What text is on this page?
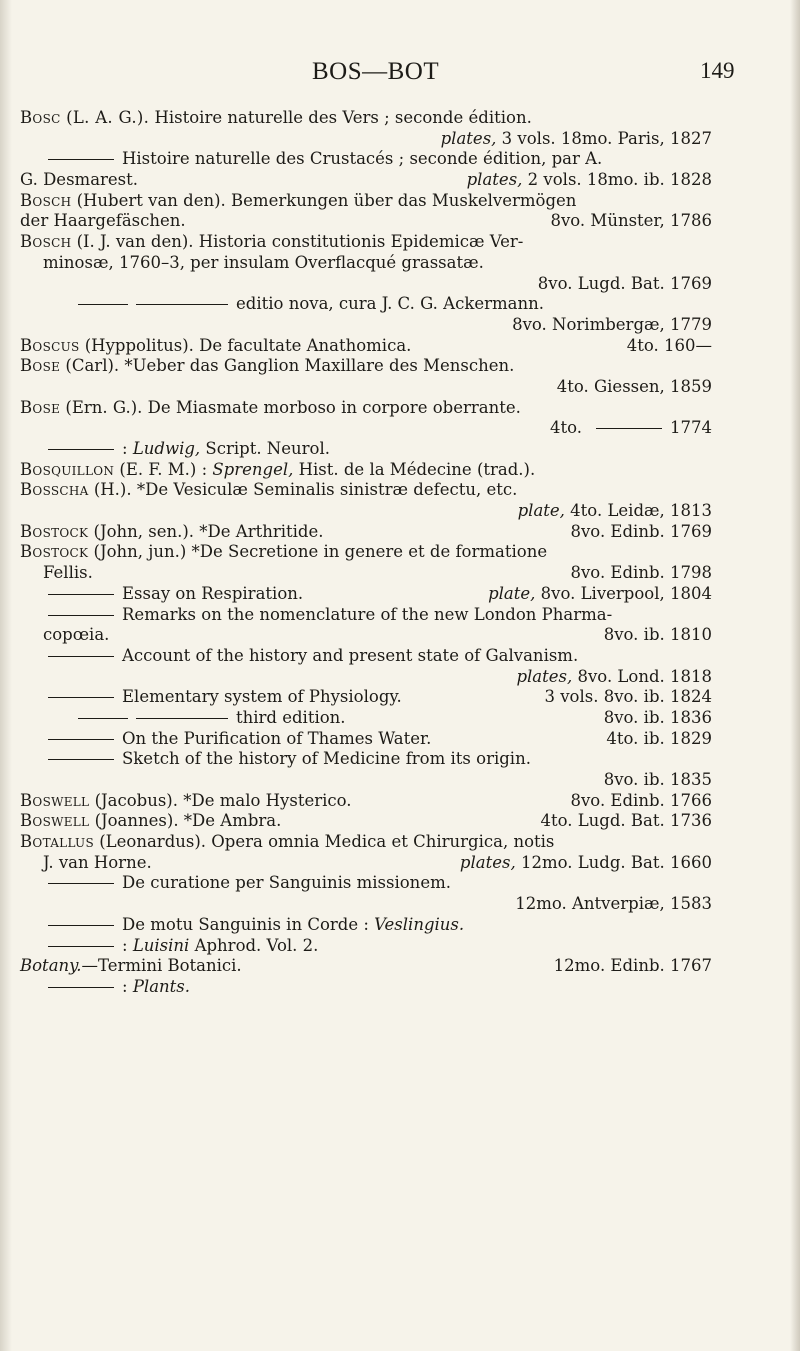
BOS—BOT	149
Bosc (L. A. G.). Histoire naturelle des Vers ; seconde édition.
plates, 3 vols. 18mo. Paris, 1827
Histoire naturelle des Crustacés ; seconde édition, par A.
G. Desmarest.	plates, 2 vols. 18mo. ib. 1828
Bosch (Hubert van den). Bemerkungen über das Muskelvermögen
der Haargefäschen.	8vo. Münster, 1786
Bosch (I. J. van den). Historia constitutionis Epidemicæ Ver-
minosæ, 1760–3, per insulam Overflacqué grassatæ.
8vo. Lugd. Bat. 1769
editio nova, cura J. C. G. Ackermann.
8vo. Norimbergæ, 1779
Boscus (Hyppolitus). De facultate Anathomica.	4to. 160—
Bose (Carl). *Ueber das Ganglion Maxillare des Menschen.
4to. Giessen, 1859
Bose (Ern. G.). De Miasmate morboso in corpore oberrante.
4to.	1774
: Ludwig, Script. Neurol.
Bosquillon (E. F. M.) : Sprengel, Hist. de la Médecine (trad.).
Bosscha (H.). *De Vesiculæ Seminalis sinistræ defectu, etc.
plate, 4to. Leidæ, 1813
Bostock (John, sen.). *De Arthritide.	8vo. Edinb. 1769
Bostock (John, jun.) *De Secretione in genere et de formatione
Fellis.	8vo. Edinb. 1798
Essay on Respiration.	plate, 8vo. Liverpool, 1804
Remarks on the nomenclature of the new London Pharma-
copœia.	8vo. ib. 1810
Account of the history and present state of Galvanism.
plates, 8vo. Lond. 1818
Elementary system of Physiology.	3 vols. 8vo. ib. 1824
third edition.	8vo. ib. 1836
On the Purification of Thames Water.	4to. ib. 1829
Sketch of the history of Medicine from its origin.
8vo. ib. 1835
Boswell (Jacobus). *De malo Hysterico.	8vo. Edinb. 1766
Boswell (Joannes). *De Ambra.	4to. Lugd. Bat. 1736
Botallus (Leonardus). Opera omnia Medica et Chirurgica, notis
J. van Horne.	plates, 12mo. Ludg. Bat. 1660
De curatione per Sanguinis missionem.
12mo. Antverpiæ, 1583
De motu Sanguinis in Corde : Veslingius.
: Luisini Aphrod. Vol. 2.
Botany.—Termini Botanici.	12mo. Edinb. 1767
: Plants.
